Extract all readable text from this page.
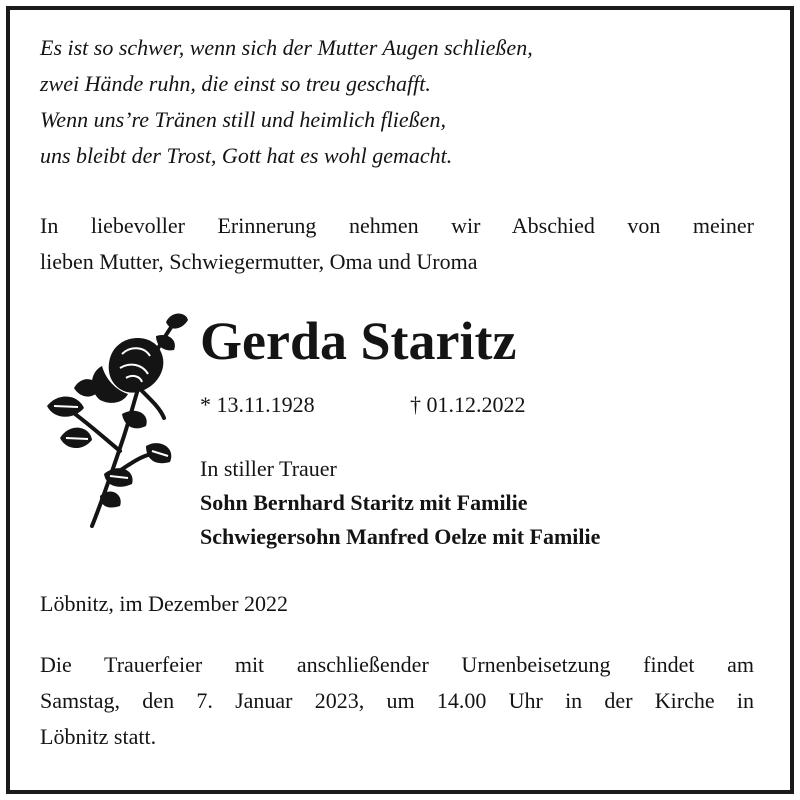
Es ist so schwer, wenn sich der Mutter Augen schließen,
zwei Hände ruhn, die einst so treu geschafft.
Wenn uns’re Tränen still und heimlich fließen,
uns bleibt der Trost, Gott hat es wohl gemacht.
In liebevoller Erinnerung nehmen wir Abschied von meiner
lieben Mutter, Schwiegermutter, Oma und Uroma
Gerda Staritz
* 13.11.1928	† 01.12.2022
In stiller Trauer
Sohn Bernhard Staritz mit Familie
Schwiegersohn Manfred Oelze mit Familie
Löbnitz, im Dezember 2022
Die Trauerfeier mit anschließender Urnenbeisetzung findet am
Samstag, den 7. Januar 2023, um 14.00 Uhr in der Kirche in
Löbnitz statt.
